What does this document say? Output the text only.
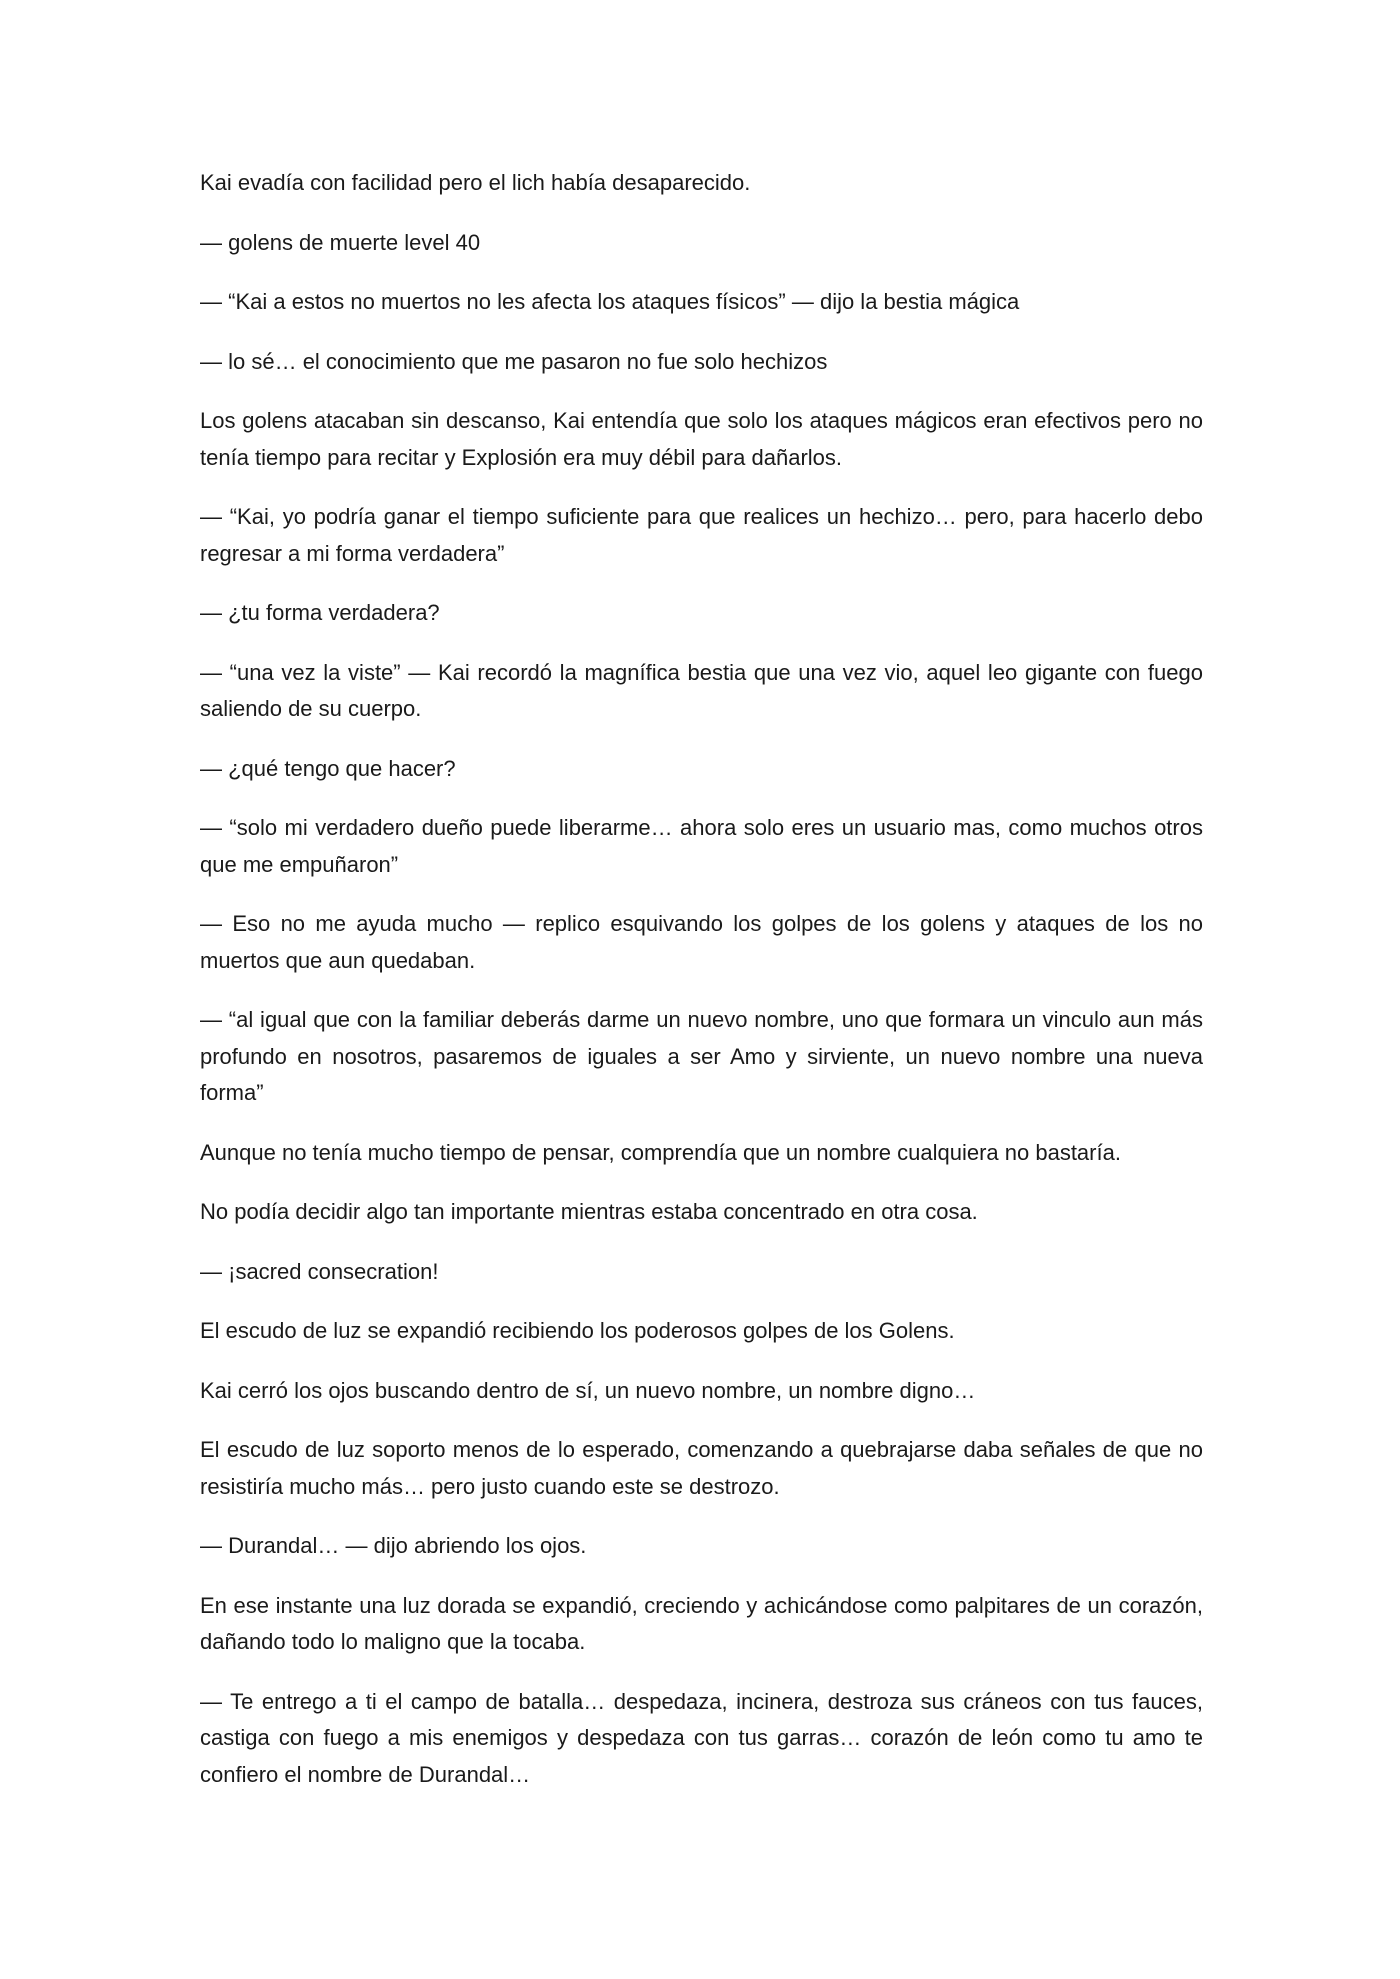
Kai evadía con facilidad pero el lich había desaparecido.

— golens de muerte level 40

— “Kai a estos no muertos no les afecta los ataques físicos” — dijo la bestia mágica

— lo sé… el conocimiento que me pasaron no fue solo hechizos

Los golens atacaban sin descanso, Kai entendía que solo los ataques mágicos eran efectivos pero no tenía tiempo para recitar y Explosión era muy débil para dañarlos.

— “Kai, yo podría ganar el tiempo suficiente para que realices un hechizo… pero, para hacerlo debo regresar a mi forma verdadera”

— ¿tu forma verdadera?

— “una vez la viste” — Kai recordó la magnífica bestia que una vez vio, aquel leo gigante con fuego saliendo de su cuerpo.

— ¿qué tengo que hacer?

— “solo mi verdadero dueño puede liberarme… ahora solo eres un usuario mas, como muchos otros que me empuñaron”

— Eso no me ayuda mucho — replico esquivando los golpes de los golens y ataques de los no muertos que aun quedaban.

— “al igual que con la familiar deberás darme un nuevo nombre, uno que formara un vinculo aun más profundo en nosotros, pasaremos de iguales a ser Amo y sirviente, un nuevo nombre una nueva forma”

Aunque no tenía mucho tiempo de pensar, comprendía que un nombre cualquiera no bastaría.

No podía decidir algo tan importante mientras estaba concentrado en otra cosa.

— ¡sacred consecration!

El escudo de luz se expandió recibiendo los poderosos golpes de los Golens.

Kai cerró los ojos buscando dentro de sí, un nuevo nombre, un nombre digno…

El escudo de luz soporto menos de lo esperado, comenzando a quebrajarse daba señales de que no resistiría mucho más… pero justo cuando este se destrozo.

— Durandal… — dijo abriendo los ojos.

En ese instante una luz dorada se expandió, creciendo y achicándose como palpitares de un corazón, dañando todo lo maligno que la tocaba.

— Te entrego a ti el campo de batalla… despedaza, incinera, destroza sus cráneos con tus fauces, castiga con fuego a mis enemigos y despedaza con tus garras… corazón de león como tu amo te confiero el nombre de Durandal…
